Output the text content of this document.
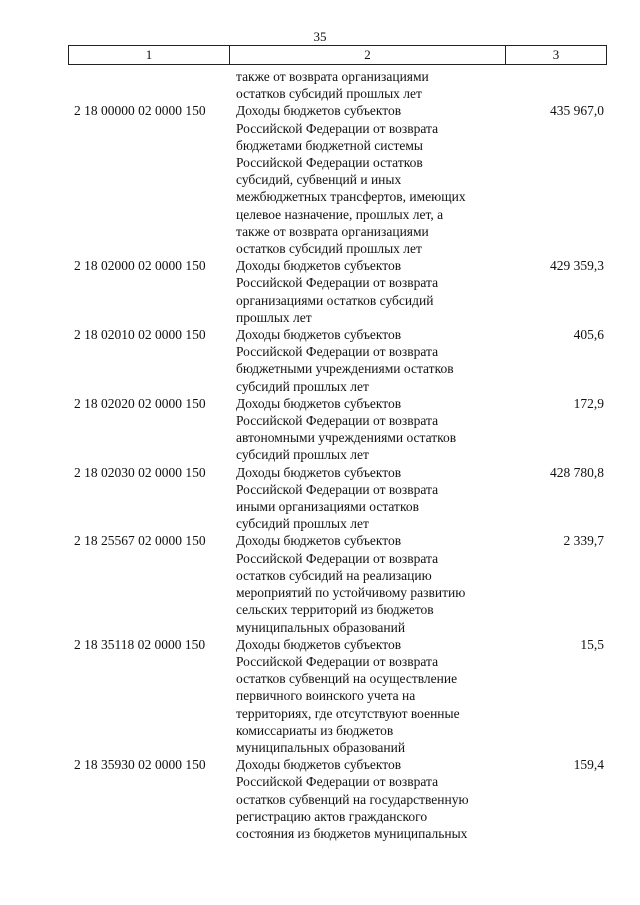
35
1	2	3
также от возврата организациями
остатков субсидий прошлых лет
2 18 00000 02 0000 150 Доходы бюджетов субъектов
Российской Федерации от возврата
бюджетами бюджетной системы
Российской Федерации остатков
субсидий, субвенций и иных
межбюджетных трансфертов, имеющих
целевое назначение, прошлых лет, а
также от возврата организациями
остатков субсидий прошлых лет
435 967,0
2 18 02000 02 0000 150 Доходы бюджетов субъектов
Российской Федерации от возврата
организациями остатков субсидий
прошлых лет
429 359,3
2 18 02010 02 0000 150 Доходы бюджетов субъектов
Российской Федерации от возврата
бюджетными учреждениями остатков
субсидий прошлых лет
405,6
2 18 02020 02 0000 150 Доходы бюджетов субъектов
Российской Федерации от возврата
автономными учреждениями остатков
субсидий прошлых лет
172,9
2 18 02030 02 0000 150 Доходы бюджетов субъектов
Российской Федерации от возврата
иными организациями остатков
субсидий прошлых лет
428 780,8
2 18 25567 02 0000 150 Доходы бюджетов субъектов
Российской Федерации от возврата
остатков субсидий на реализацию
мероприятий по устойчивому развитию
сельских территорий из бюджетов
муниципальных образований
2 339,7
2 18 35118 02 0000 150 Доходы бюджетов субъектов
Российской Федерации от возврата
остатков субвенций на осуществление
первичного воинского учета на
территориях, где отсутствуют военные
комиссариаты из бюджетов
муниципальных образований
15,5
2 18 35930 02 0000 150 Доходы бюджетов субъектов
Российской Федерации от возврата
остатков субвенций на государственную
регистрацию актов гражданского
состояния из бюджетов муниципальных
159,4
